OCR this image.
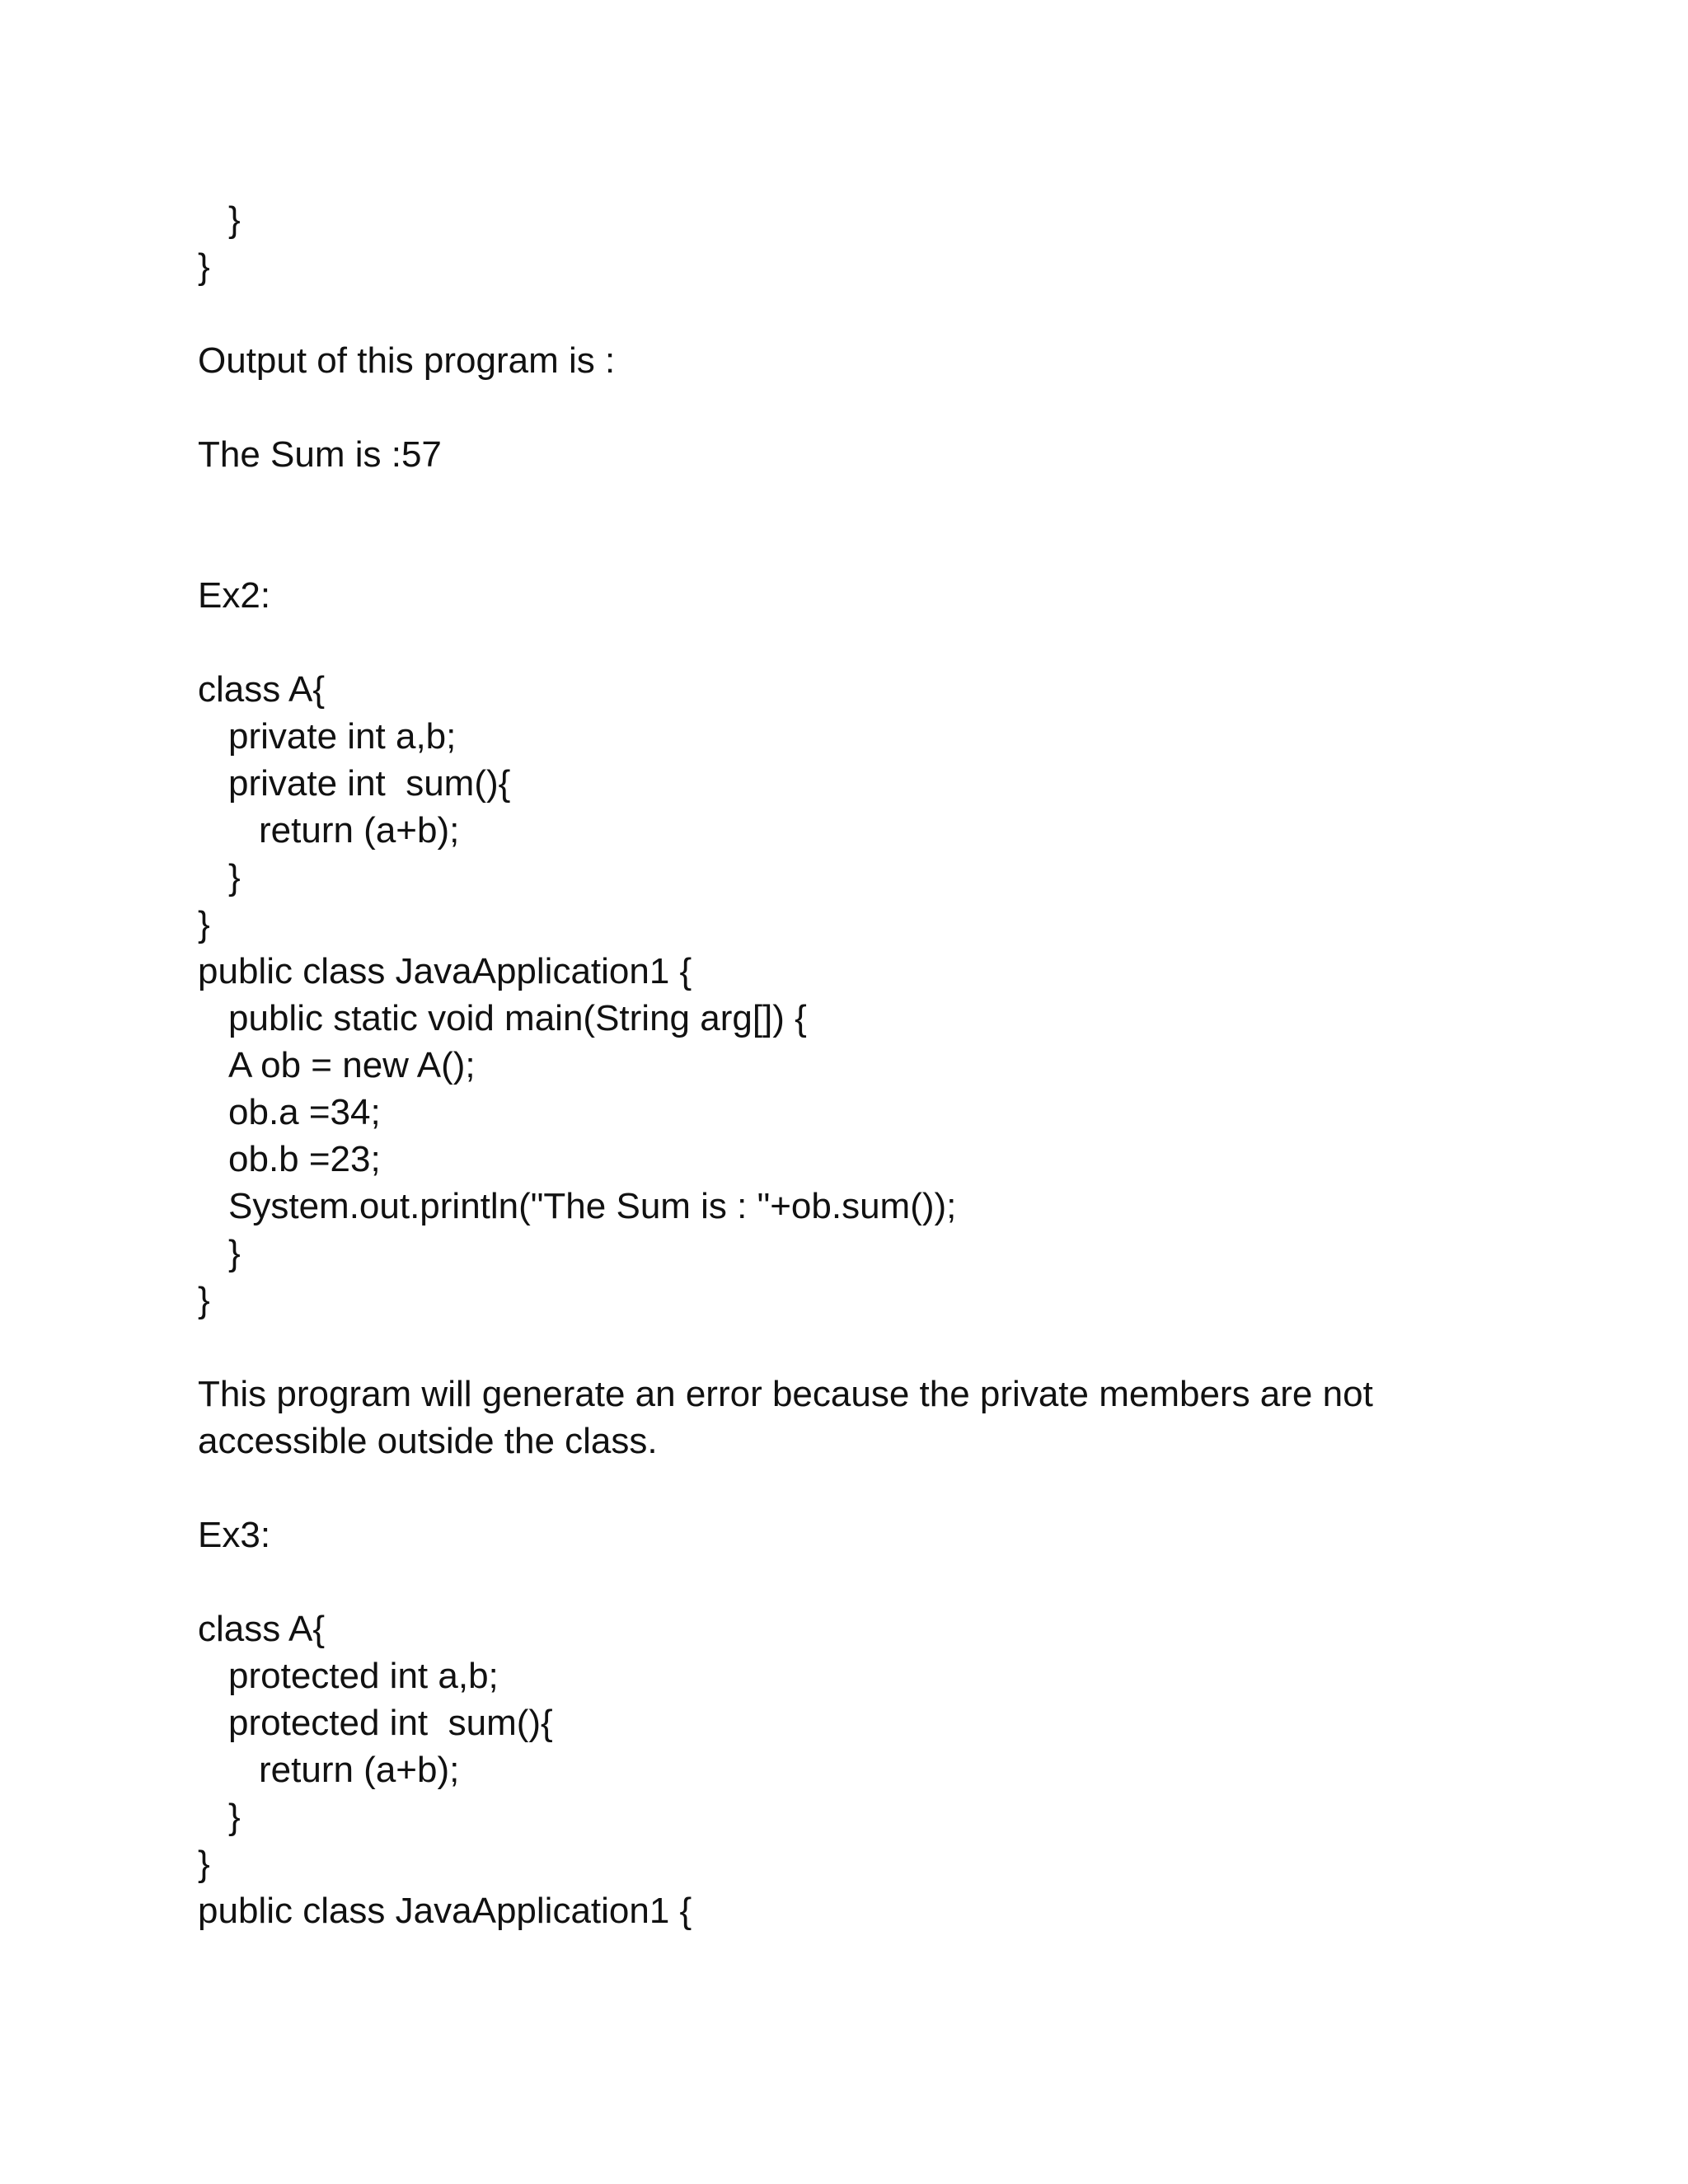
}
}
Output of this program is :
The Sum is :57
Ex2:
class A{
private int a,b;
private int  sum(){
return (a+b);
}
}
public class JavaApplication1 {
public static void main(String arg[]) {
A ob = new A();
ob.a =34;
ob.b =23;
System.out.println("The Sum is : "+ob.sum());
}
}

This program will generate an error because the private members are not accessible outside the class.

Ex3:
class A{
protected int a,b;
protected int  sum(){
return (a+b);
}
}
public class JavaApplication1 {
